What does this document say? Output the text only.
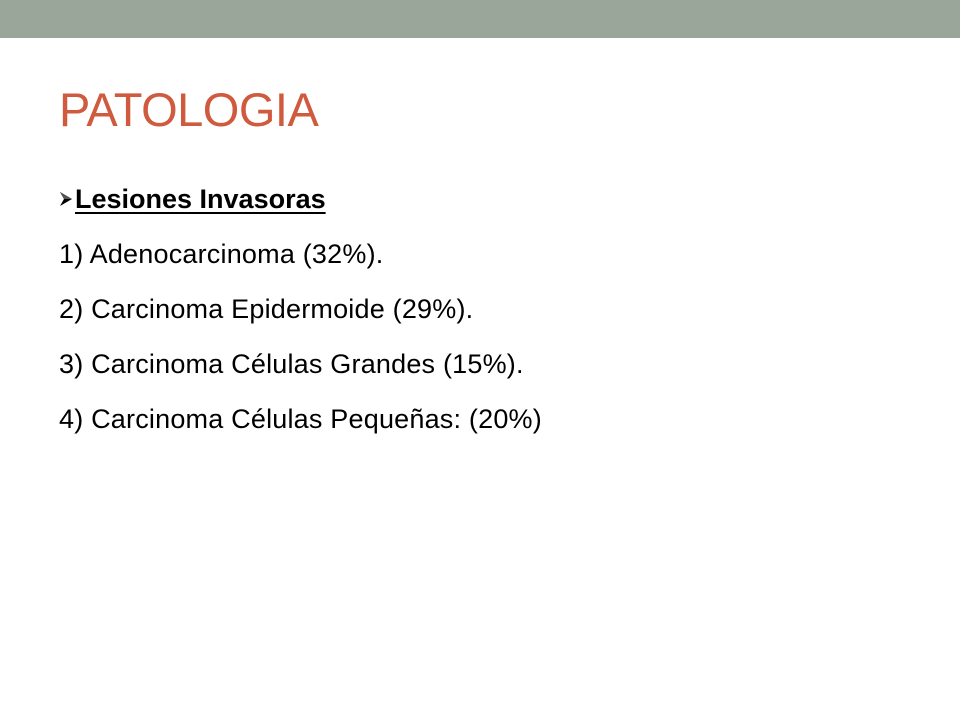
PATOLOGIA
Lesiones Invasoras
1) Adenocarcinoma (32%).
2) Carcinoma Epidermoide (29%).
3) Carcinoma Células Grandes (15%).
4) Carcinoma Células Pequeñas: (20%)
